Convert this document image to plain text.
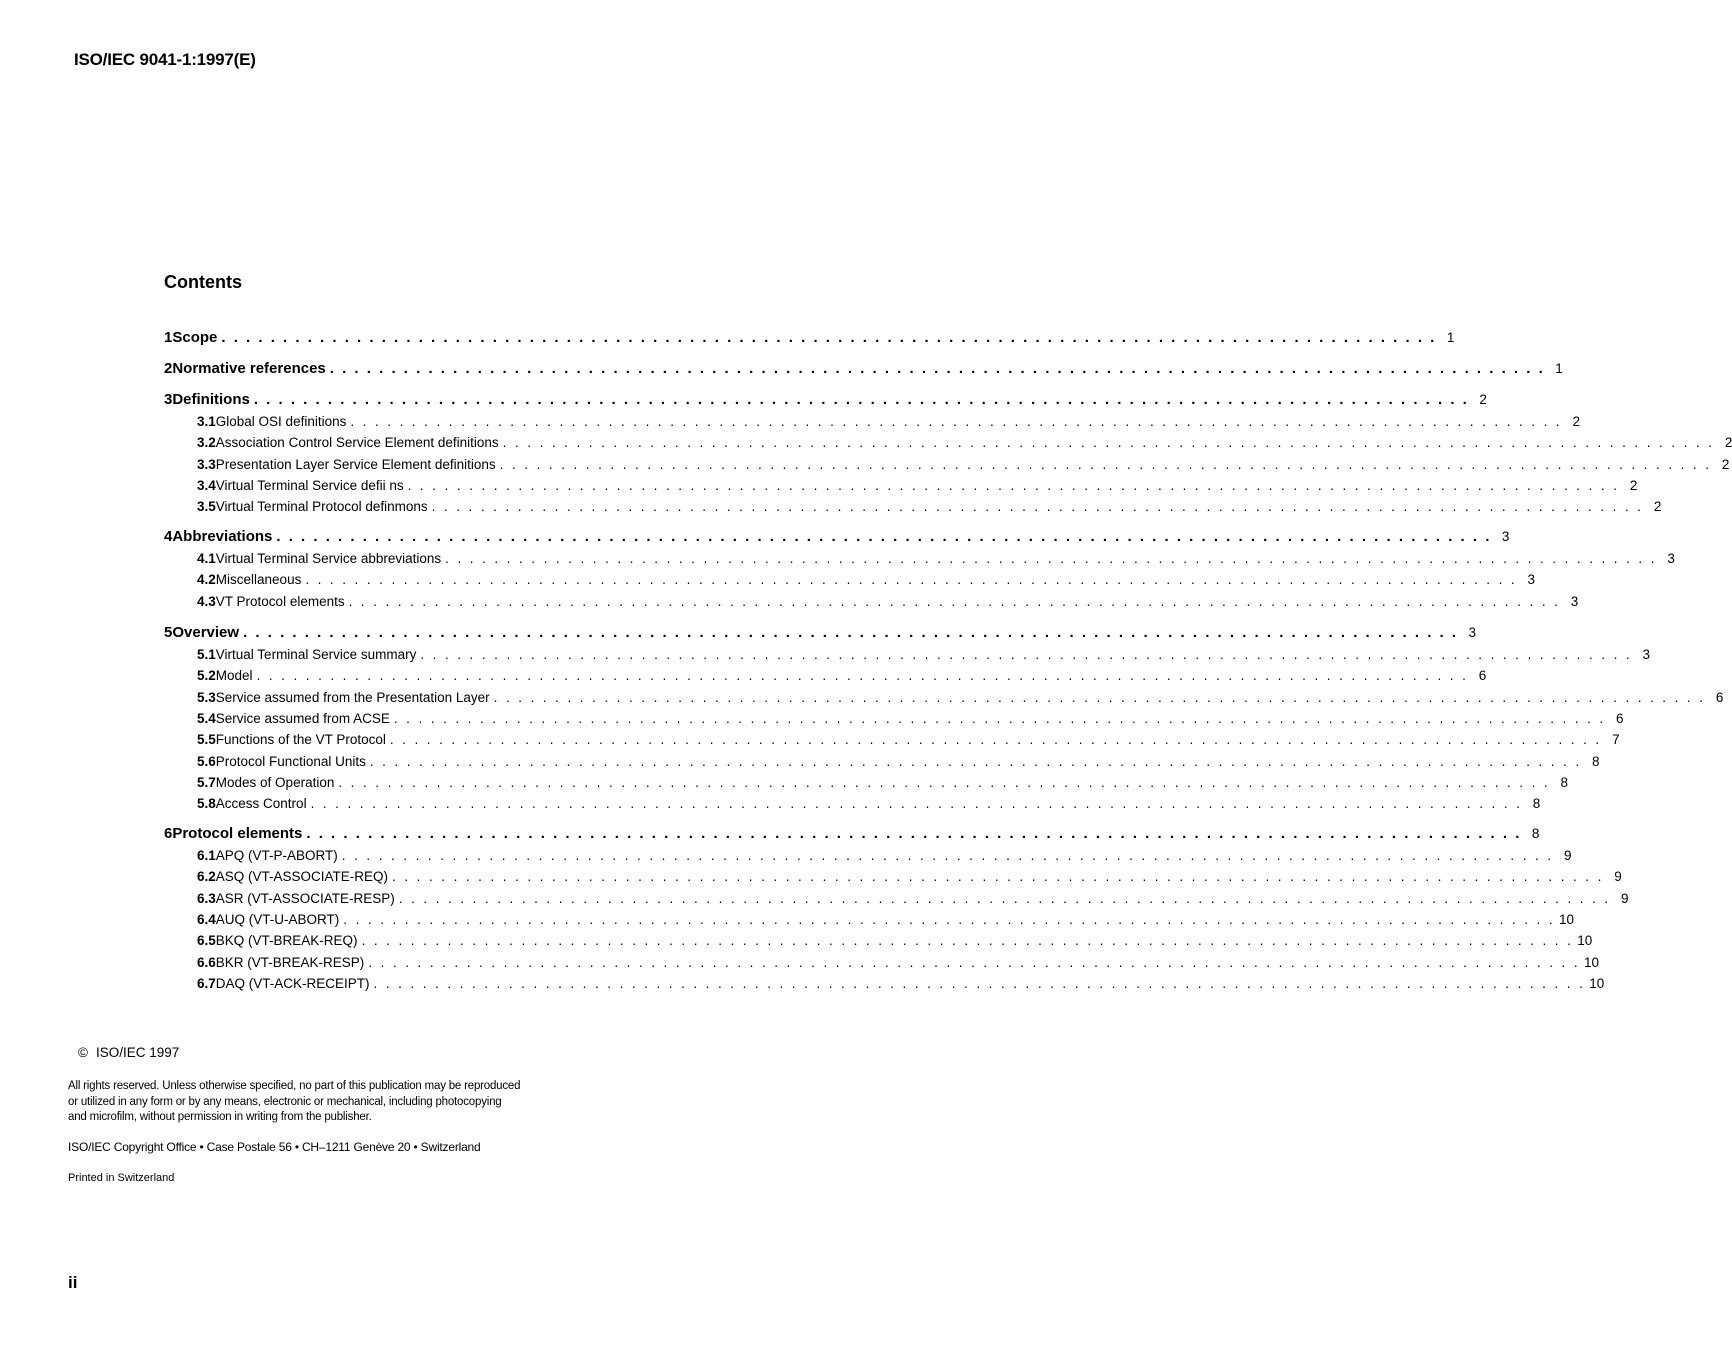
ISO/IEC 9041-1:1997(E)
Contents
1 Scope . . . . . . . . . . . . . . . . . . . . . . . . . . . . . . . . . . . . . . . . . . . . . . . . . . . . . . . . . . . . . . . . . . . . . . . . . . . . . . . . . . . . . . . . . . . . . . . . . . . 1
2 Normative references . . . . . . . . . . . . . . . . . . . . . . . . . . . . . . . . . . . . . . . . . . . . . . . . . . . . . . . . . . . . . . . . . . . . . . . . . . . . . . . . . . . . . . . . . . . . . . . . . . . 1
3 Definitions . . . . . . . . . . . . . . . . . . . . . . . . . . . . . . . . . . . . . . . . . . . . . . . . . . . . . . . . . . . . . . . . . . . . . . . . . . . . . . . . . . . . . . . . . . . . . . . . . . . 2
3.1 Global OSI definitions . . . . . . . . . . . . . . . . . . . . . . . . . . . . . . . . . . . . . . . . . . . . . . . . . . . . . . . . . . . . . . . . . . . . . . . . . . . . . . . . . . . . . . . . . . . . . . . . . . . 2
3.2 Association Control Service Element definitions . . . . . . . . . . . . . . . . . . . . . . . . . . . . . . . . . . . . . . . . . . . . . . . . . . . . . . . . . . . . . . . . . . . . . . . . . . . . . . . . . . . . . . . . . . . . . . . . . . . 2
3.3 Presentation Layer Service Element definitions . . . . . . . . . . . . . . . . . . . . . . . . . . . . . . . . . . . . . . . . . . . . . . . . . . . . . . . . . . . . . . . . . . . . . . . . . . . . . . . . . . . . . . . . . . . . . . . . . . . 2
3.4 Virtual Terminal Service defii ns . . . . . . . . . . . . . . . . . . . . . . . . . . . . . . . . . . . . . . . . . . . . . . . . . . . . . . . . . . . . . . . . . . . . . . . . . . . . . . . . . . . . . . . . . . . . . . . . . . . 2
3.5 Virtual Terminal Protocol definmons . . . . . . . . . . . . . . . . . . . . . . . . . . . . . . . . . . . . . . . . . . . . . . . . . . . . . . . . . . . . . . . . . . . . . . . . . . . . . . . . . . . . . . . . . . . . . . . . . . . 2
4 Abbreviations . . . . . . . . . . . . . . . . . . . . . . . . . . . . . . . . . . . . . . . . . . . . . . . . . . . . . . . . . . . . . . . . . . . . . . . . . . . . . . . . . . . . . . . . . . . . . . . . . . . 3
4.1 Virtual Terminal Service abbreviations . . . . . . . . . . . . . . . . . . . . . . . . . . . . . . . . . . . . . . . . . . . . . . . . . . . . . . . . . . . . . . . . . . . . . . . . . . . . . . . . . . . . . . . . . . . . . . . . . . . 3
4.2 Miscellaneous . . . . . . . . . . . . . . . . . . . . . . . . . . . . . . . . . . . . . . . . . . . . . . . . . . . . . . . . . . . . . . . . . . . . . . . . . . . . . . . . . . . . . . . . . . . . . . . . . . . 3
4.3 VT Protocol elements . . . . . . . . . . . . . . . . . . . . . . . . . . . . . . . . . . . . . . . . . . . . . . . . . . . . . . . . . . . . . . . . . . . . . . . . . . . . . . . . . . . . . . . . . . . . . . . . . . . 3
5 Overview . . . . . . . . . . . . . . . . . . . . . . . . . . . . . . . . . . . . . . . . . . . . . . . . . . . . . . . . . . . . . . . . . . . . . . . . . . . . . . . . . . . . . . . . . . . . . . . . . . . 3
5.1 Virtual Terminal Service summary . . . . . . . . . . . . . . . . . . . . . . . . . . . . . . . . . . . . . . . . . . . . . . . . . . . . . . . . . . . . . . . . . . . . . . . . . . . . . . . . . . . . . . . . . . . . . . . . . . . 3
5.2 Model . . . . . . . . . . . . . . . . . . . . . . . . . . . . . . . . . . . . . . . . . . . . . . . . . . . . . . . . . . . . . . . . . . . . . . . . . . . . . . . . . . . . . . . . . . . . . . . . . . . 6
5.3 Service assumed from the Presentation Layer . . . . . . . . . . . . . . . . . . . . . . . . . . . . . . . . . . . . . . . . . . . . . . . . . . . . . . . . . . . . . . . . . . . . . . . . . . . . . . . . . . . . . . . . . . . . . . . . . . . 6
5.4 Service assumed from ACSE . . . . . . . . . . . . . . . . . . . . . . . . . . . . . . . . . . . . . . . . . . . . . . . . . . . . . . . . . . . . . . . . . . . . . . . . . . . . . . . . . . . . . . . . . . . . . . . . . . . 6
5.5 Functions of the VT Protocol . . . . . . . . . . . . . . . . . . . . . . . . . . . . . . . . . . . . . . . . . . . . . . . . . . . . . . . . . . . . . . . . . . . . . . . . . . . . . . . . . . . . . . . . . . . . . . . . . . . 7
5.6 Protocol Functional Units . . . . . . . . . . . . . . . . . . . . . . . . . . . . . . . . . . . . . . . . . . . . . . . . . . . . . . . . . . . . . . . . . . . . . . . . . . . . . . . . . . . . . . . . . . . . . . . . . . . 8
5.7 Modes of Operation . . . . . . . . . . . . . . . . . . . . . . . . . . . . . . . . . . . . . . . . . . . . . . . . . . . . . . . . . . . . . . . . . . . . . . . . . . . . . . . . . . . . . . . . . . . . . . . . . . . 8
5.8 Access Control . . . . . . . . . . . . . . . . . . . . . . . . . . . . . . . . . . . . . . . . . . . . . . . . . . . . . . . . . . . . . . . . . . . . . . . . . . . . . . . . . . . . . . . . . . . . . . . . . . . 8
6 Protocol elements . . . . . . . . . . . . . . . . . . . . . . . . . . . . . . . . . . . . . . . . . . . . . . . . . . . . . . . . . . . . . . . . . . . . . . . . . . . . . . . . . . . . . . . . . . . . . . . . . . . 8
6.1 APQ (VT-P-ABORT) . . . . . . . . . . . . . . . . . . . . . . . . . . . . . . . . . . . . . . . . . . . . . . . . . . . . . . . . . . . . . . . . . . . . . . . . . . . . . . . . . . . . . . . . . . . . . . . . . . . 9
6.2 ASQ (VT-ASSOCIATE-REQ) . . . . . . . . . . . . . . . . . . . . . . . . . . . . . . . . . . . . . . . . . . . . . . . . . . . . . . . . . . . . . . . . . . . . . . . . . . . . . . . . . . . . . . . . . . . . . . . . . . . 9
6.3 ASR (VT-ASSOCIATE-RESP) . . . . . . . . . . . . . . . . . . . . . . . . . . . . . . . . . . . . . . . . . . . . . . . . . . . . . . . . . . . . . . . . . . . . . . . . . . . . . . . . . . . . . . . . . . . . . . . . . . . 9
6.4 AUQ (VT-U-ABORT) . . . . . . . . . . . . . . . . . . . . . . . . . . . . . . . . . . . . . . . . . . . . . . . . . . . . . . . . . . . . . . . . . . . . . . . . . . . . . . . . . . . . . . . . . . . . . . . . . . . 10
6.5 BKQ (VT-BREAK-REQ) . . . . . . . . . . . . . . . . . . . . . . . . . . . . . . . . . . . . . . . . . . . . . . . . . . . . . . . . . . . . . . . . . . . . . . . . . . . . . . . . . . . . . . . . . . . . . . . . . . . 10
6.6 BKR (VT-BREAK-RESP) . . . . . . . . . . . . . . . . . . . . . . . . . . . . . . . . . . . . . . . . . . . . . . . . . . . . . . . . . . . . . . . . . . . . . . . . . . . . . . . . . . . . . . . . . . . . . . . . . . . 10
6.7 DAQ (VT-ACK-RECEIPT) . . . . . . . . . . . . . . . . . . . . . . . . . . . . . . . . . . . . . . . . . . . . . . . . . . . . . . . . . . . . . . . . . . . . . . . . . . . . . . . . . . . . . . . . . . . . . . . . . . . 10
© ISO/IEC 1997
All rights reserved. Unless otherwise specified, no part of this publication may be reproduced
or utilized in any form or by any means, electronic or mechanical, including photocopying
and microfilm, without permission in writing from the publisher.
ISO/IEC Copyright Office • Case Postale 56 • CH–1211 Genève 20 • Switzerland
Printed in Switzerland
ii
